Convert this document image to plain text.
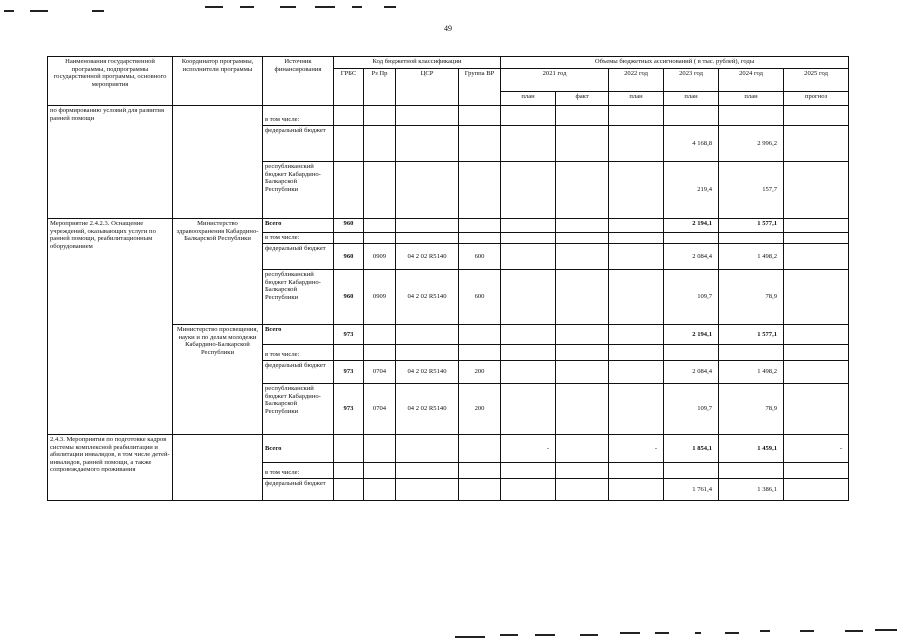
49
Наименования государственной программы, подпрограммы государственной программы, основного мероприятия	Координатор программы, исполнители программы	Источник финансирования	Код бюджетной классификации				Объемы бюджетных ассигнований ( в тыс. рублей), годы					
			ГРБС	Рз Пр	ЦСР	Группа ВР	2021 год		2022 год	2023 год	2024 год	2025 год
							план	факт	план	план	план	прогноз
по формированию условий для развития ранней помощи		в том числе:										
		федеральный бюджет								4 168,8	2 996,2	
		республиканский бюджет Кабардино-Балкарской Республики								219,4	157,7	
Мероприятие 2.4.2.3. Оснащение учреждений, оказывающих услуги по ранней помощи, реабилитационным оборудованием	Министерство здравоохранения Кабардино-Балкарской Республики	Всего	960							2 194,1	1 577,1	
		в том числе:										
		федеральный бюджет	960	0909	04 2 02 R5140	600				2 084,4	1 498,2	
		республиканский бюджет Кабардино-Балкарской Республики	960	0909	04 2 02 R5140	600				109,7	78,9	
	Министерство просвещения, науки и по делам молодежи Кабардино-Балкарской Республики	Всего	973							2 194,1	1 577,1	
		в том числе:										
		федеральный бюджет	973	0704	04 2 02 R5140	200				2 084,4	1 498,2	
		республиканский бюджет Кабардино-Балкарской Республики	973	0704	04 2 02 R5140	200				109,7	78,9	
2.4.3. Мероприятия по подготовке кадров системы комплексной реабилитации и абилитации инвалидов, в том числе детей-инвалидов, ранней помощи, а также
сопровождаемого проживания		Всего					-		-	1 854,1	1 459,1	-
		в том числе:										
		федеральный бюджет								1 761,4	1 386,1	
